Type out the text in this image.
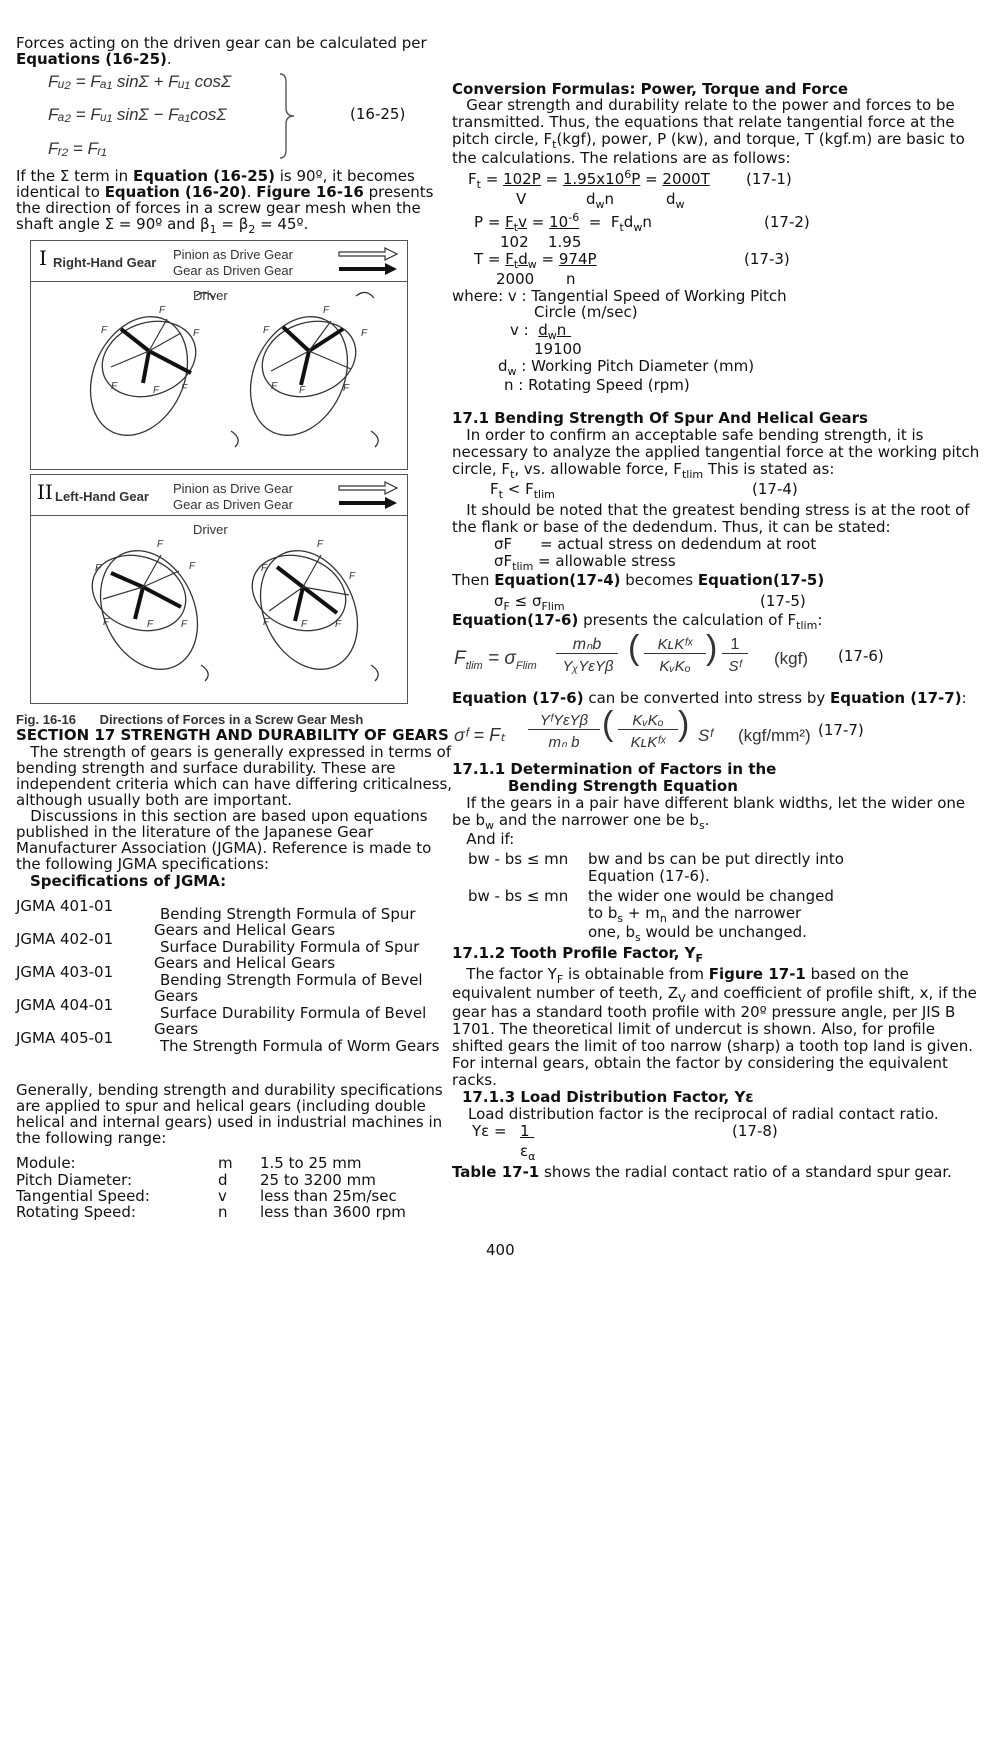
Forces acting on the driven gear can be calculated per
Equations (16-25).
Fᵤ₂ = Fₐ₁ sinΣ + Fᵤ₁ cosΣ
Fₐ₂ = Fᵤ₁ sinΣ − Fₐ₁cosΣ
Fᵣ₂ = Fᵣ₁
(16-25)
If the Σ term in Equation (16-25) is 90º, it becomes
identical to Equation (16-20). Figure 16-16 presents
the direction of forces in a screw gear mesh when the
shaft angle Σ = 90º and $\beta_1 = \beta_2$ = 45º.
I Right-Hand Gear
Pinion as Drive Gear
Gear as Driven Gear
Driver
F
F
F
F	F F
F
F
F
F F	F
II Left-Hand Gear
Pinion as Drive Gear
Gear as Driven Gear
Driver
F
F
F
F	F	F
F
F
F
F	F	F
Fig. 16-16 Directions of Forces in a Screw Gear Mesh
SECTION 17 STRENGTH AND DURABILITY OF GEARS
The strength of gears is generally expressed in terms of
bending strength and surface durability. These are
independent criteria which can have differing criticalness,
although usually both are important.
Discussions in this section are based upon equations
published in the literature of the Japanese Gear
Manufacturer Association (JGMA). Reference is made to
the following JGMA specifications:
Specifications of JGMA:
JGMA 401-01	Bending Strength Formula of Spur
Gears and Helical Gears
JGMA 402-01	Surface Durability Formula of Spur
Gears and Helical Gears
JGMA 403-01	Bending Strength Formula of Bevel
Gears
JGMA 404-01	Surface Durability Formula of Bevel
Gears
JGMA 405-01	The Strength Formula of Worm Gears
Generally, bending strength and durability specifications
are applied to spur and helical gears (including double
helical and internal gears) used in industrial machines in
the following range:
Module:	m 1.5 to 25 mm
Pitch Diameter:	d 25 to 3200 mm
Tangential Speed:	v less than 25m/sec
Rotating Speed:	n less than 3600 rpm
Conversion Formulas: Power, Torque and Force
Gear strength and durability relate to the power and forces to be
transmitted. Thus, the equations that relate tangential force at the
pitch circle, $F_t(kgf)$, power, P (kw), and torque, T (kgf.m) are basic to
the calculations. The relations are as follows:
$F_t = 102P = 1.95x10^6P = 2000T$ (17-1)
V	$d_wn$	$d_w$
$P = F_tv = 10^{-6} = F_td_wn$	(17-2)
102 1.95
$T = F_td_w = 974P$	(17-3)
2000 n
where: v : Tangential Speed of Working Pitch
Circle (m/sec)
v :  $d_wn$
19100
$d_w$ : Working Pitch Diameter (mm)
n : Rotating Speed (rpm)
17.1 Bending Strength Of Spur And Helical Gears
In order to confirm an acceptable safe bending strength, it is
necessary to analyze the applied tangential force at the working pitch
circle, $F_t$, vs. allowable force, $F_{tlim}$ This is stated as:
$F_t < F_{tlim}$	(17-4)
It should be noted that the greatest bending stress is at the root of
the flank or base of the dedendum. Thus, it can be stated:
σF = actual stress on dedendum at root
$\sigma F_{tlim}$ = allowable stress
Then Equation(17-4) becomes Equation(17-5)
$\sigma_F \le \sigma_{Flim}$	(17-5)
Equation(17-6) presents the calculation of $F_{tlim}$:
$F_{tlim} = \sigma_{Flim}$
mₙb
YᵪYεYβ (	KʟKᶠˣ
KᵥKₒ ) 1
Sᶠ	(kgf) (17-6)
Equation (17-6) can be converted into stress by Equation (17-7):
σᶠ = Fₜ
YᶠYεYβ
mₙ b (	KᵥKₒ
KʟKᶠˣ ) Sᶠ (kgf/mm²) (17-7)
17.1.1 Determination of Factors in the
Bending Strength Equation
If the gears in a pair have different blank widths, let the wider one
be $b_w$ and the narrower one be $b_s$.
And if:
bw - bs ≤ mn bw and bs can be put directly into
Equation (17-6).
bw - bs ≤ mn the wider one would be changed
to $b_s + m_n$ and the narrower
one, $b_s$ would be unchanged.
17.1.2 Tooth Profile Factor, $Y_F$
The factor $Y_F$ is obtainable from Figure 17-1 based on the
equivalent number of teeth, $Z_V$ and coefficient of profile shift, x, if the
gear has a standard tooth profile with 20º pressure angle, per JIS B
1701. The theoretical limit of undercut is shown. Also, for profile
shifted gears the limit of too narrow (sharp) a tooth top land is given.
For internal gears, obtain the factor by considering the equivalent
racks.
17.1.3 Load Distribution Factor, Yε
Load distribution factor is the reciprocal of radial contact ratio.
Yε = 1
$\varepsilon_\alpha$
(17-8)
Table 17-1 shows the radial contact ratio of a standard spur gear.
400
